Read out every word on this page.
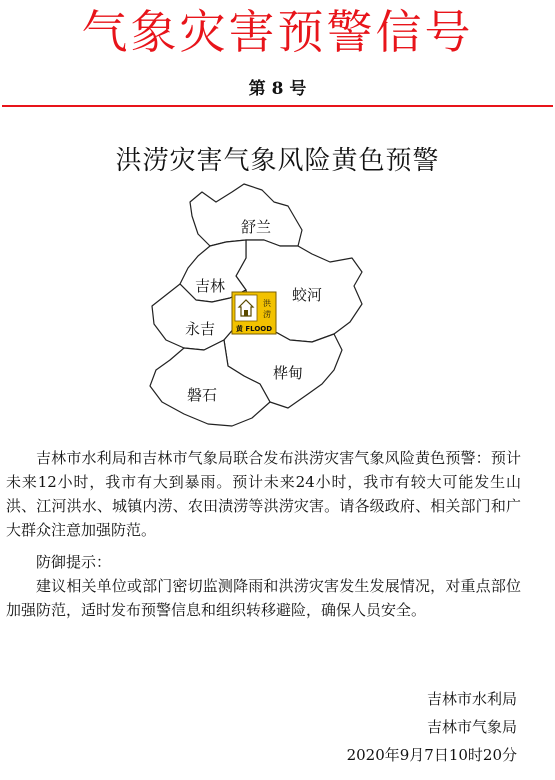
气象灾害预警信号
第 8 号
洪涝灾害气象风险黄色预警
舒兰
吉林	蛟河
永吉
桦甸
磐石
洪
涝
黄 FLOOD

吉林市水利局和吉林市气象局联合发布洪涝灾害气象风险黄色预警：预计未来12小时，我市有大到暴雨。预计未来24小时，我市有较大可能发生山洪、江河洪水、城镇内涝、农田渍涝等洪涝灾害。请各级政府、相关部门和广大群众注意加强防范。

防御提示：

建议相关单位或部门密切监测降雨和洪涝灾害发生发展情况，对重点部位加强防范，适时发布预警信息和组织转移避险，确保人员安全。

吉林市水利局
吉林市气象局
2020年9月7日10时20分
